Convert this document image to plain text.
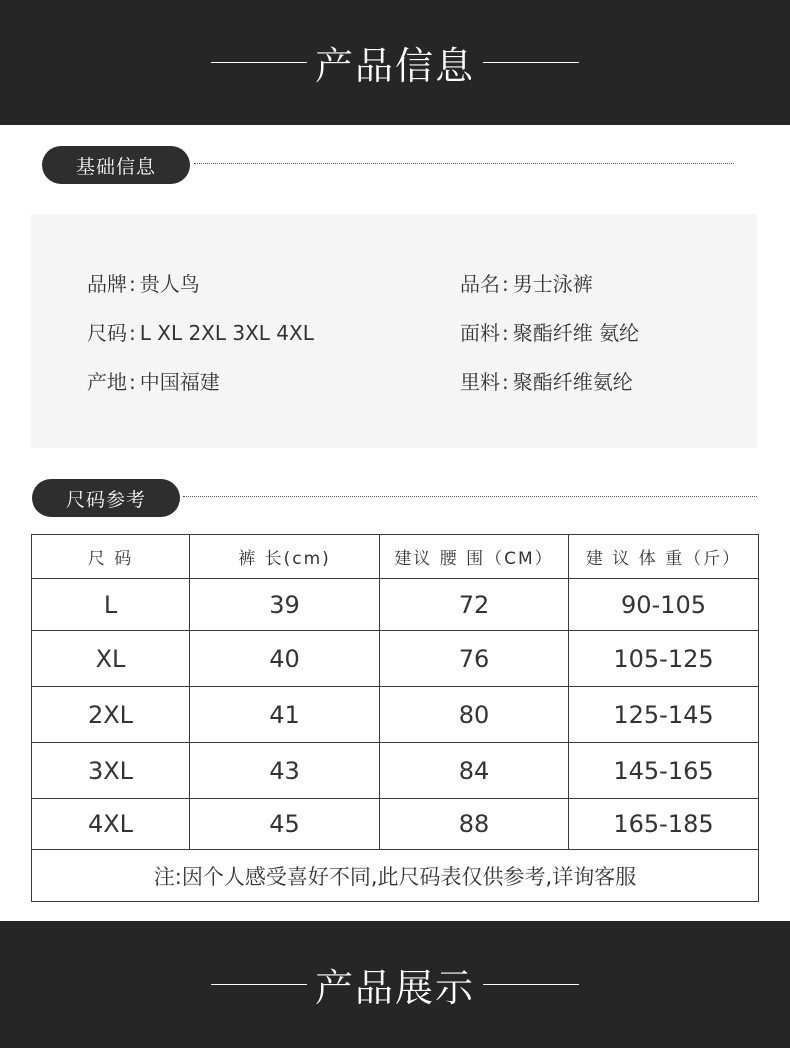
产品信息
基础信息
品牌 : 贵人鸟	品名 : 男士泳裤
尺码 : L XL 2XL 3XL 4XL	面料 : 聚酯纤维 氨纶
产地 : 中国福建	里料 : 聚酯纤维氨纶
尺码参考
尺 码	裤 长(cm)	建议 腰 围（CM）	建 议 体 重（斤）
L	39	72	90-105
XL	40	76	105-125
2XL	41	80	125-145
3XL	43	84	145-165
4XL	45	88	165-185
注:因个人感受喜好不同,此尺码表仅供参考,详询客服			
产品展示
